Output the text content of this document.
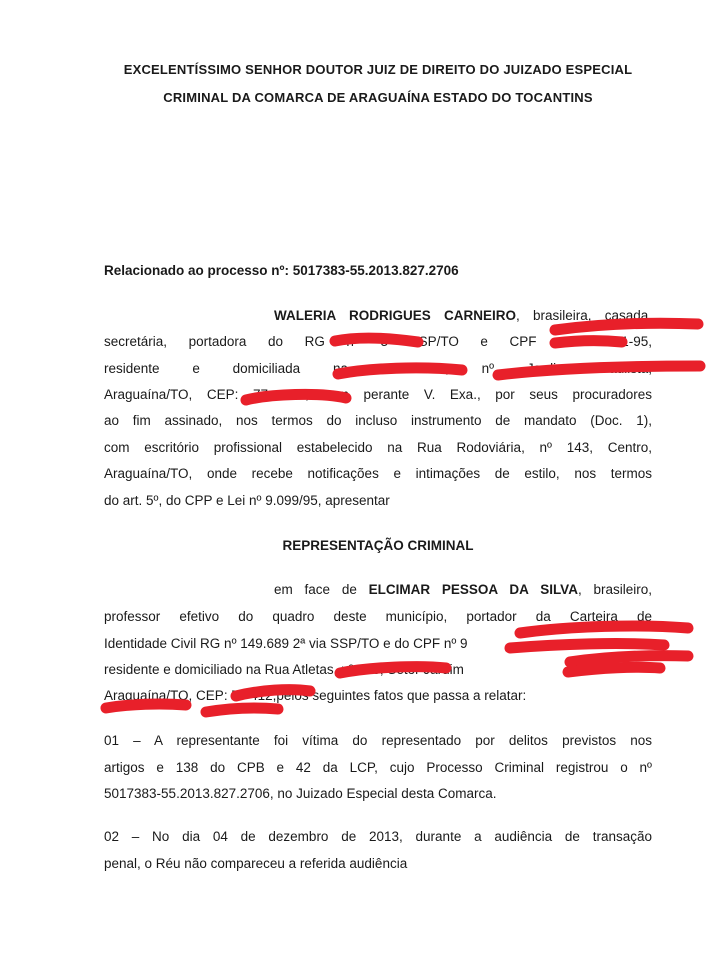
EXCELENTÍSSIMO SENHOR DOUTOR JUIZ DE DIREITO DO JUIZADO ESPECIAL
CRIMINAL DA COMARCA DE ARAGUAÍNA ESTADO DO TOCANTINS
Relacionado ao processo nº: 5017383-55.2013.827.2706
WALERIA RODRIGUES CARNEIRO, brasileira, casada,
secretária, portadora do RG nº 3 SSP/TO e CPF nº 9 1-95,
residente e domiciliada na Rua s, nº Jardim Paulista,
Araguaína/TO, CEP: 77 270, vem perante V. Exa., por seus procuradores
ao fim assinado, nos termos do incluso instrumento de mandato (Doc. 1),
com escritório profissional estabelecido na Rua Rodoviária, nº 143, Centro,
Araguaína/TO, onde recebe notificações e intimações de estilo, nos termos
do art. 5º, do CPP e Lei nº 9.099/95, apresentar
REPRESENTAÇÃO CRIMINAL
em face de ELCIMAR PESSOA DA SILVA, brasileiro,
professor efetivo do quadro deste município, portador da Carteira de
Identidade Civil RG nº 149.689 2ª via SSP/TO e do CPF nº 9
residente e domiciliado na Rua Atletas, nº 256, Setor Jardim
Araguaína/TO, CEP: 77 412,pelos seguintes fatos que passa a relatar:
01 – A representante foi vítima do representado por delitos previstos nos
artigos e 138 do CPB e 42 da LCP, cujo Processo Criminal registrou o nº
5017383-55.2013.827.2706, no Juizado Especial desta Comarca.
02 – No dia 04 de dezembro de 2013, durante a audiência de transação
penal, o Réu não compareceu a referida audiência
